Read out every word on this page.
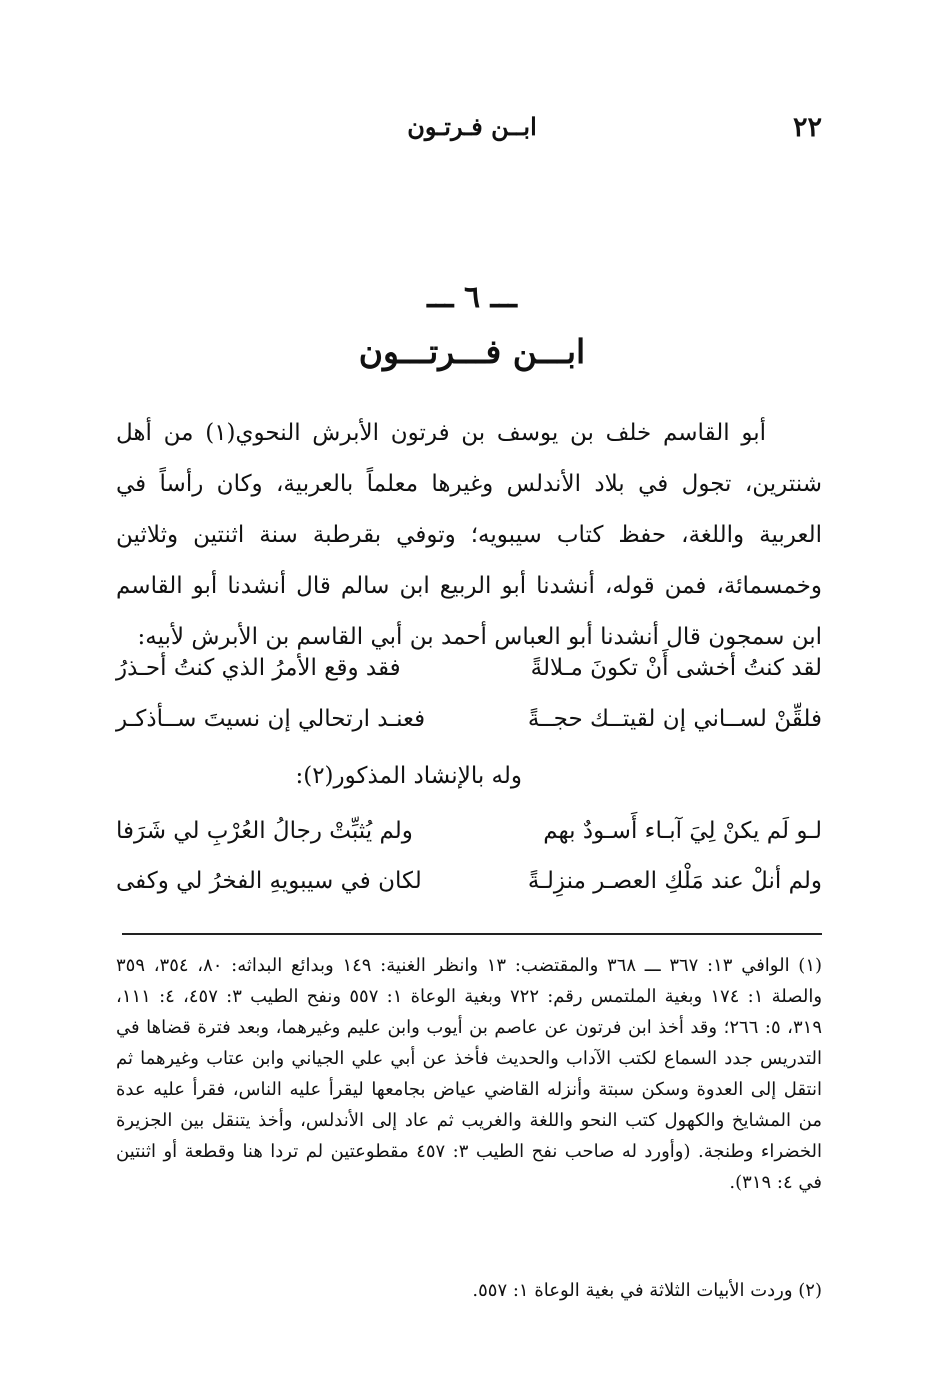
٢٢
ابــن فـرتـون
ـــ ٦ ـــ
ابـــن فـــرتـــون

أبو القاسم خلف بن يوسف بن فرتون الأبرش النحوي(١) من أهل شنترين، تجول في بلاد الأندلس وغيرها معلماً بالعربية، وكان رأساً في العربية واللغة، حفظ كتاب سيبويه؛ وتوفي بقرطبة سنة اثنتين وثلاثين وخمسمائة، فمن قوله، أنشدنا أبو الربيع ابن سالم قال أنشدنا أبو القاسم ابن سمجون قال أنشدنا أبو العباس أحمد بن أبي القاسم بن الأبرش لأبيه:

لقد كنتُ أخشى أَنْ تكونَ مـلالةً
فقد وقع الأمرُ الذي كنتُ أحـذرُ
فلقِّنْ لســاني إن لقيتــك حجــةً
فعنـد ارتحالي إن نسيتَ ســأذكـر
وله بالإنشاد المذكور(٢):
لـو لَم يكنْ لِيَ آبـاء أَسـودٌ بهم
ولم يُثبِّتْ رجالُ العُرْبِ لي شَرَفا
ولم أنلْ عند مَلْكِ العصـر منزِلـةً
لكان في سيبويهِ الفخرُ لي وكفى

(١) الوافي ١٣: ٣٦٧ ـــ ٣٦٨ والمقتضب: ١٣ وانظر الغنية: ١٤٩ وبدائع البداثه: ٨٠، ٣٥٤، ٣٥٩ والصلة ١: ١٧٤ وبغية الملتمس رقم: ٧٢٢ وبغية الوعاة ١: ٥٥٧ ونفح الطيب ٣: ٤٥٧، ٤: ١١١، ٣١٩، ٥: ٢٦٦؛ وقد أخذ ابن فرتون عن عاصم بن أيوب وابن عليم وغيرهما، وبعد فترة قضاها في التدريس جدد السماع لكتب الآداب والحديث فأخذ عن أبي علي الجياني وابن عتاب وغيرهما ثم انتقل إلى العدوة وسكن سبتة وأنزله القاضي عياض بجامعها ليقرأ عليه الناس، فقرأ عليه عدة من المشايخ والكهول كتب النحو واللغة والغريب ثم عاد إلى الأندلس، وأخذ يتنقل بين الجزيرة الخضراء وطنجة. (وأورد له صاحب نفح الطيب ٣: ٤٥٧ مقطوعتين لم تردا هنا وقطعة أو اثنتين في ٤: ٣١٩).

(٢) وردت الأبيات الثلاثة في بغية الوعاة ١: ٥٥٧.
